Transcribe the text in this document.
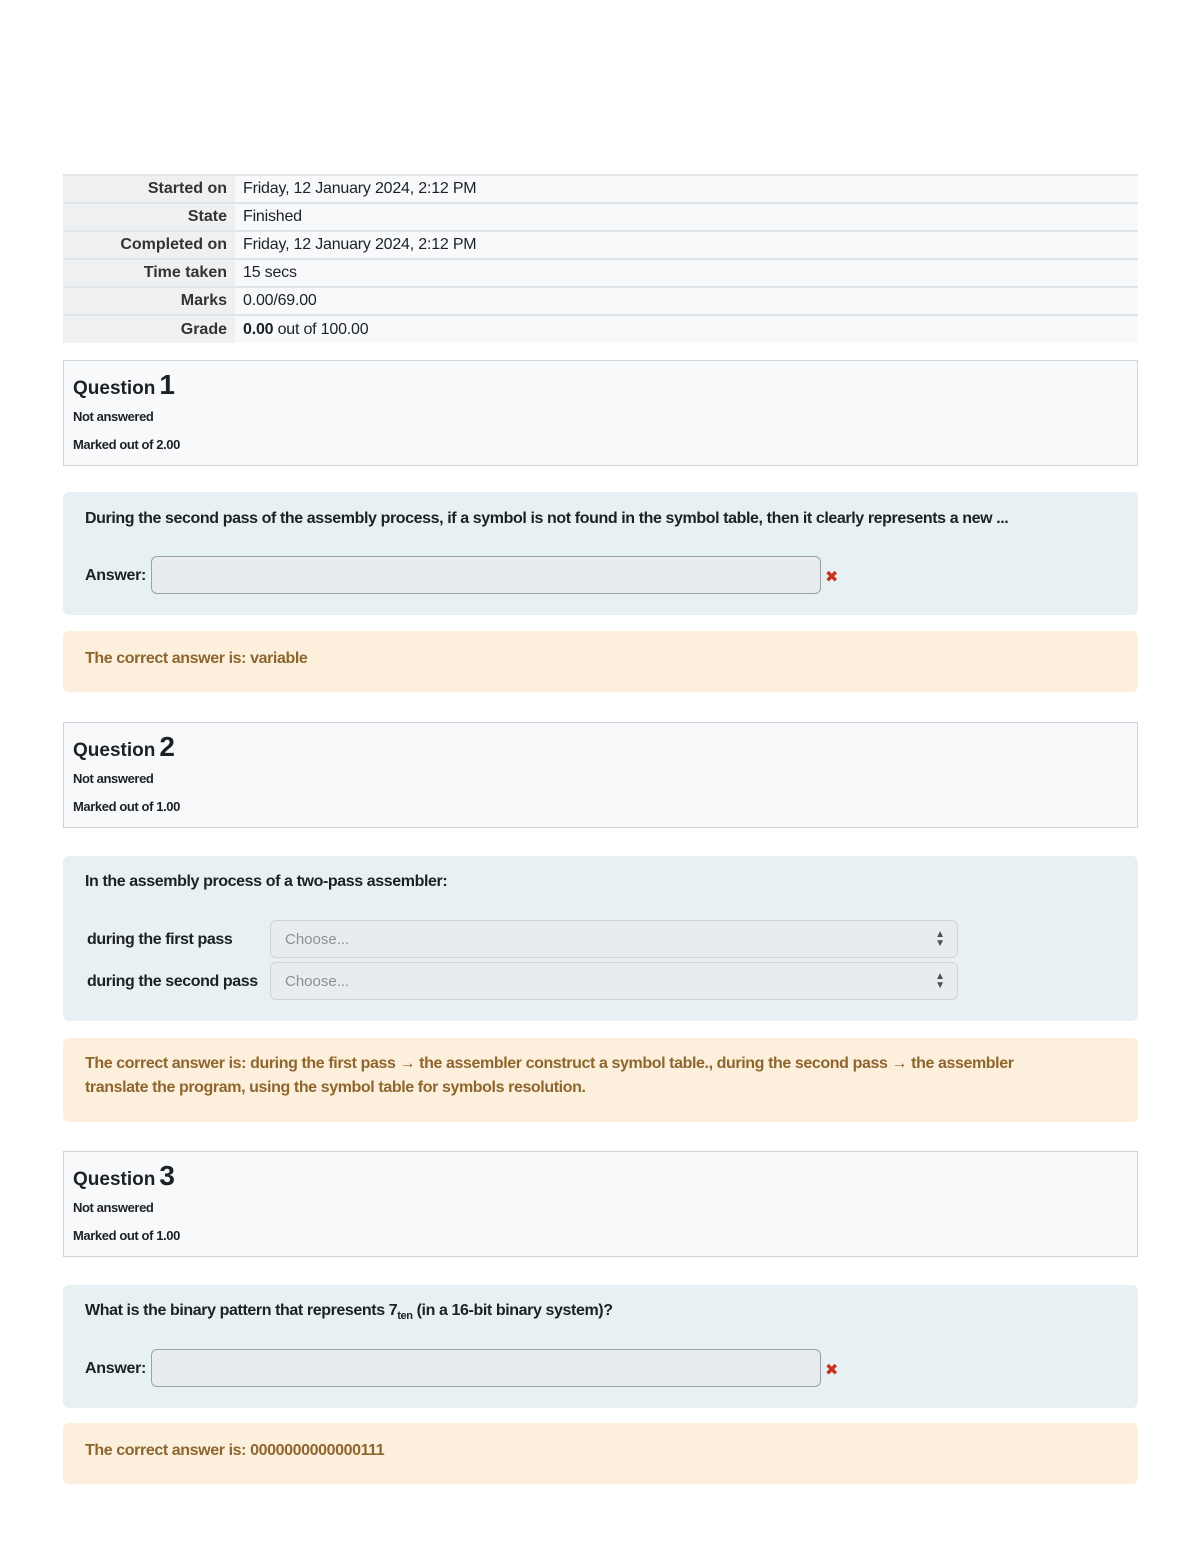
Started on	Friday, 12 January 2024, 2:12 PM
State	Finished
Completed on	Friday, 12 January 2024, 2:12 PM
Time taken	15 secs
Marks	0.00/69.00
Grade	0.00 out of 100.00
Question 1
Not answered
Marked out of 2.00
During the second pass of the assembly process, if a symbol is not found in the symbol table, then it clearly represents a new ...
Answer:	✖
The correct answer is: variable
Question 2
Not answered
Marked out of 1.00
In the assembly process of a two-pass assembler:
during the first pass	Choose...	▲
▼
during the second pass Choose...	▲
▼
The correct answer is: during the first pass → the assembler construct a symbol table., during the second pass → the assembler translate the program, using the symbol table for symbols resolution.
Question 3
Not answered
Marked out of 1.00
What is the binary pattern that represents $7_{ten}$ (in a 16-bit binary system)?
Answer:	✖
The correct answer is: 0000000000000111
